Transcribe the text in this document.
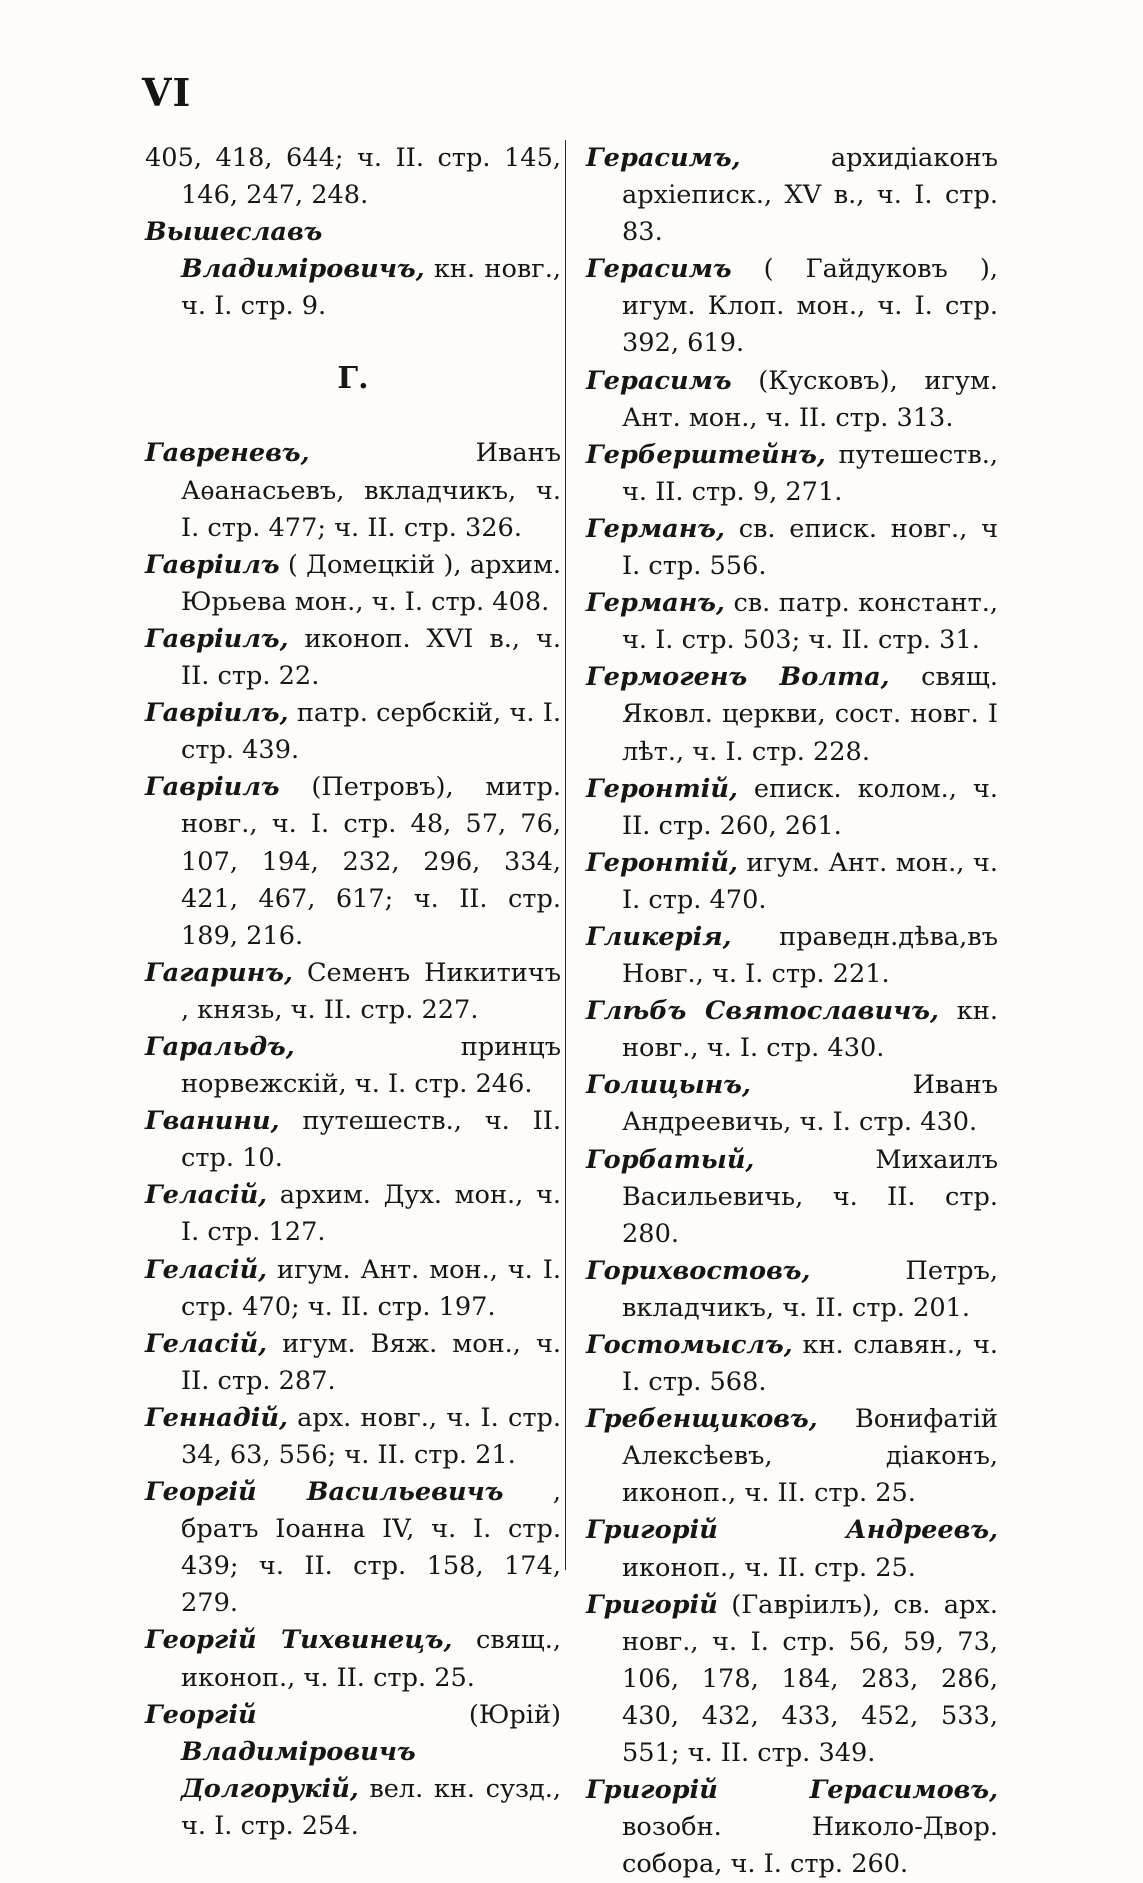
VI

405, 418, 644; ч. II. стр. 145, 146, 247, 248.

Вышеславъ Владиміровичъ, кн. новг., ч. I. стр. 9.

Г.

Гавреневъ, Иванъ Аѳанасьевъ, вкладчикъ, ч. I. стр. 477; ч. II. стр. 326.

Гавріилъ ( Домецкій ), архим. Юрьева мон., ч. I. стр. 408.

Гавріилъ, иконоп. XVI в., ч. II. стр. 22.

Гавріилъ, патр. сербскій, ч. I. стр. 439.

Гавріилъ (Петровъ), митр. новг., ч. I. стр. 48, 57, 76, 107, 194, 232, 296, 334, 421, 467, 617; ч. II. стр. 189, 216.

Гагаринъ, Семенъ Никитичъ , князь, ч. II. стр. 227.

Гаральдъ, принцъ норвежскій, ч. I. стр. 246.

Гванини, путешеств., ч. II. стр. 10.

Геласій, архим. Дух. мон., ч. I. стр. 127.

Геласій, игум. Ант. мон., ч. I. стр. 470; ч. II. стр. 197.

Геласій, игум. Вяж. мон., ч. II. стр. 287.

Геннадій, арх. новг., ч. I. стр. 34, 63, 556; ч. II. стр. 21.

Георгій Васильевичъ , братъ Іоанна IV, ч. I. стр. 439; ч. II. стр. 158, 174, 279.

Георгій Тихвинецъ, свящ., иконоп., ч. II. стр. 25.

Георгій (Юрій) Владиміровичъ Долгорукій, вел. кн. сузд., ч. I. стр. 254.

Герасимъ, архидіаконъ архіеписк., XV в., ч. I. стр. 83.

Герасимъ ( Гайдуковъ ), игум. Клоп. мон., ч. I. стр. 392, 619.

Герасимъ (Кусковъ), игум. Ант. мон., ч. II. стр. 313.

Герберштейнъ, путешеств., ч. II. стр. 9, 271.

Германъ, св. еписк. новг., ч I. стр. 556.

Германъ, св. патр. констант., ч. I. стр. 503; ч. II. стр. 31.

Гермогенъ Волта, свящ. Яковл. церкви, сост. новг. I лѣт., ч. I. стр. 228.

Геронтій, еписк. колом., ч. II. стр. 260, 261.

Геронтій, игум. Ант. мон., ч. I. стр. 470.

Гликерія, праведн.дѣва,въ Новг., ч. I. стр. 221.

Глѣбъ Святославичъ, кн. новг., ч. I. стр. 430.

Голицынъ, Иванъ Андреевичь, ч. I. стр. 430.

Горбатый, Михаилъ Васильевичь, ч. II. стр. 280.

Горихвостовъ, Петръ, вкладчикъ, ч. II. стр. 201.

Гостомыслъ, кн. славян., ч. I. стр. 568.

Гребенщиковъ, Вонифатій Алексѣевъ, діаконъ, иконоп., ч. II. стр. 25.

Григорій Андреевъ, иконоп., ч. II. стр. 25.

Григорій (Гавріилъ), св. арх. новг., ч. I. стр. 56, 59, 73, 106, 178, 184, 283, 286, 430, 432, 433, 452, 533, 551; ч. II. стр. 349.

Григорій Герасимовъ, возобн. Николо-Двор. собора, ч. I. стр. 260.
